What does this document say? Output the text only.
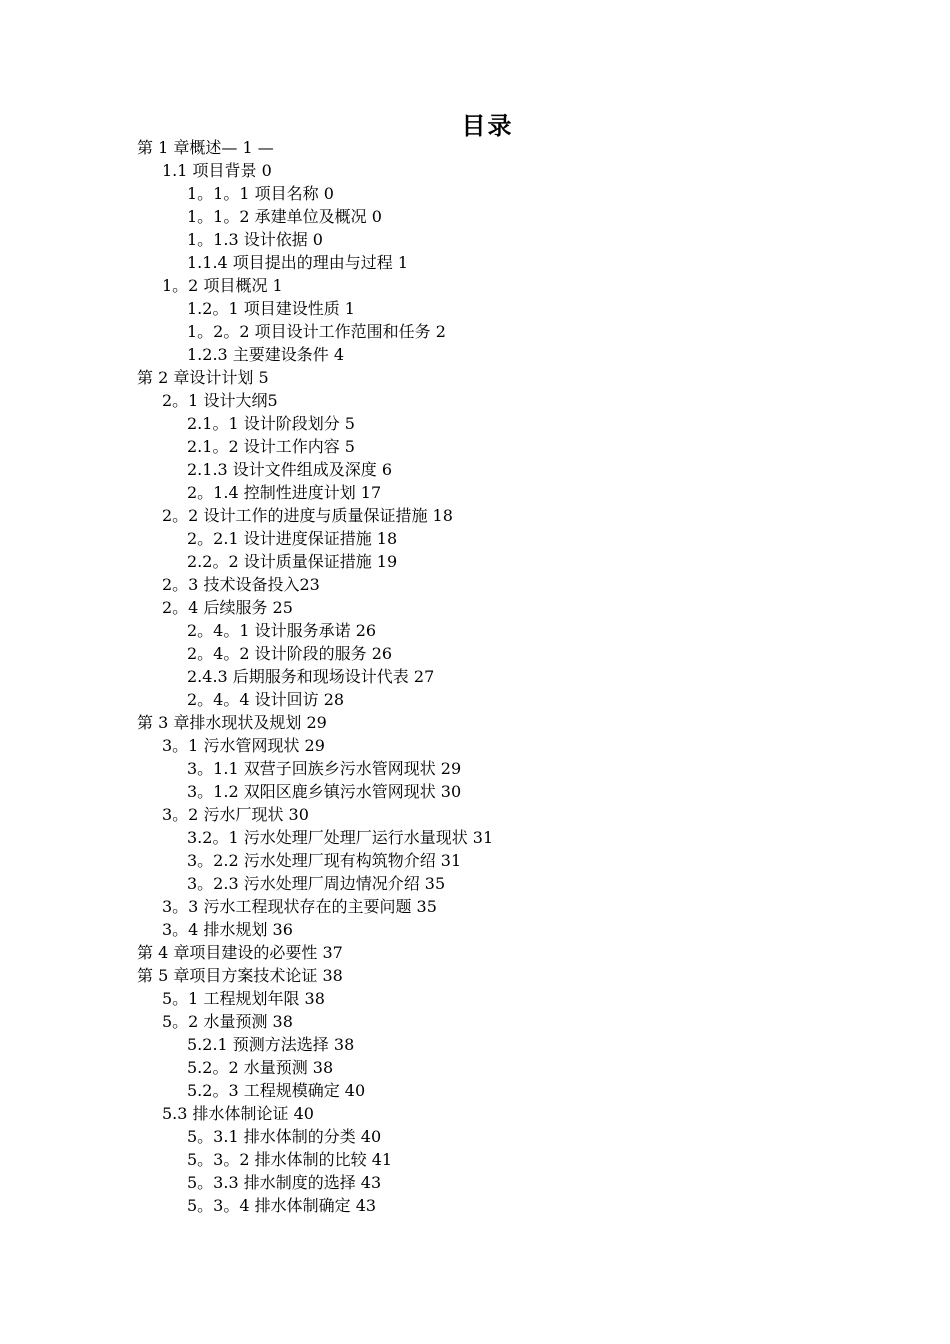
目录
第 1 章概述— 1 —
1.1 项目背景 0
1。1。1 项目名称 0
1。1。2 承建单位及概况 0
1。1.3 设计依据 0
1.1.4 项目提出的理由与过程 1
1。2 项目概况 1
1.2。1 项目建设性质 1
1。2。2 项目设计工作范围和任务 2
1.2.3 主要建设条件 4
第 2 章设计计划 5
2。1 设计大纲5
2.1。1 设计阶段划分 5
2.1。2 设计工作内容 5
2.1.3 设计文件组成及深度 6
2。1.4 控制性进度计划 17
2。2 设计工作的进度与质量保证措施 18
2。2.1 设计进度保证措施 18
2.2。2 设计质量保证措施 19
2。3 技术设备投入23
2。4 后续服务 25
2。4。1 设计服务承诺 26
2。4。2 设计阶段的服务 26
2.4.3 后期服务和现场设计代表 27
2。4。4 设计回访 28
第 3 章排水现状及规划 29
3。1 污水管网现状 29
3。1.1 双营子回族乡污水管网现状 29
3。1.2 双阳区鹿乡镇污水管网现状 30
3。2 污水厂现状 30
3.2。1 污水处理厂处理厂运行水量现状 31
3。2.2 污水处理厂现有构筑物介绍 31
3。2.3 污水处理厂周边情况介绍 35
3。3 污水工程现状存在的主要问题 35
3。4 排水规划 36
第 4 章项目建设的必要性 37
第 5 章项目方案技术论证 38
5。1 工程规划年限 38
5。2 水量预测 38
5.2.1 预测方法选择 38
5.2。2 水量预测 38
5.2。3 工程规模确定 40
5.3 排水体制论证 40
5。3.1 排水体制的分类 40
5。3。2 排水体制的比较 41
5。3.3 排水制度的选择 43
5。3。4 排水体制确定 43
